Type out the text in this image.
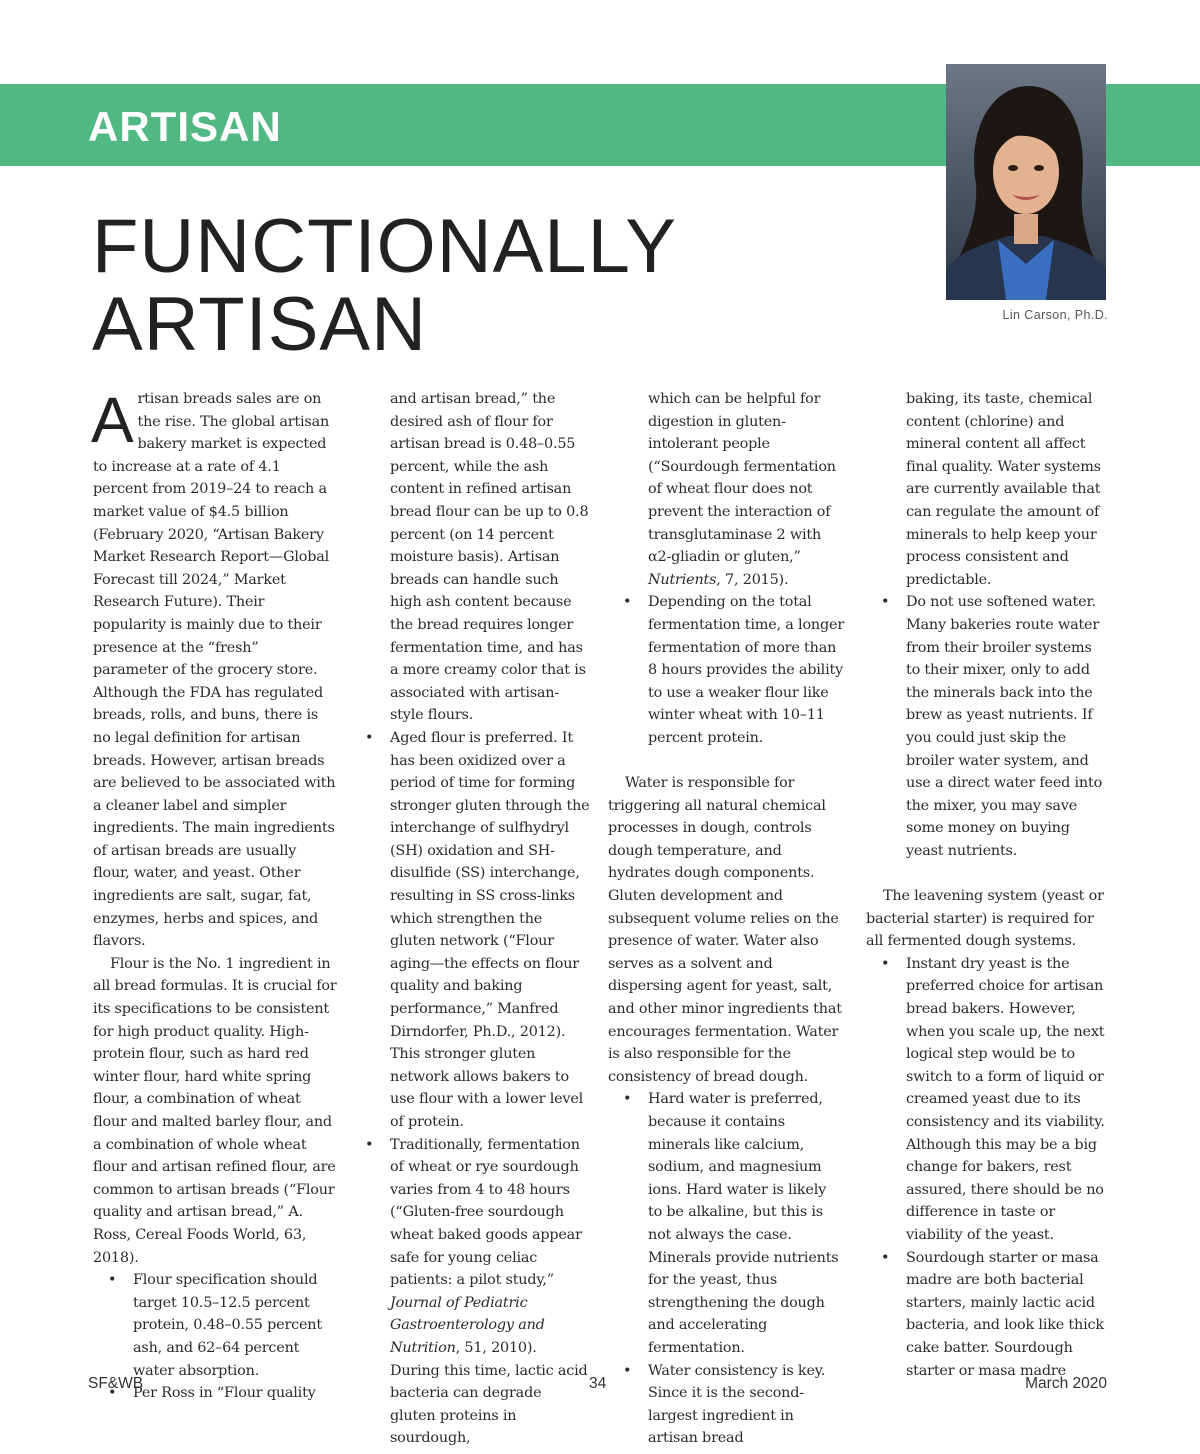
ARTISAN
Lin Carson, Ph.D.
FUNCTIONALLY
ARTISAN

Artisan breads sales are on the rise. The global artisan bakery market is expected to increase at a rate of 4.1 percent from 2019–24 to reach a market value of $4.5 billion (February 2020, “Artisan Bakery Market Research Report—Global Forecast till 2024,” Market Research Future). Their popularity is mainly due to their presence at the “fresh” parameter of the grocery store. Although the FDA has regulated breads, rolls, and buns, there is no legal definition for artisan breads. However, artisan breads are believed to be associated with a cleaner label and simpler ingredients. The main ingredients of artisan breads are usually flour, water, and yeast. Other ingredients are salt, sugar, fat, enzymes, herbs and spices, and flavors.

Flour is the No. 1 ingredient in all bread formulas. It is crucial for its specifications to be consistent for high product quality. High-protein flour, such as hard red winter flour, hard white spring flour, a combination of wheat flour and malted barley flour, and a combination of whole wheat flour and artisan refined flour, are common to artisan breads (“Flour quality and artisan bread,” A. Ross, Cereal Foods World, 63, 2018).

• Flour specification should target 10.5–12.5 percent protein, 0.48–0.55 percent ash, and 62–64 percent water absorption.
• Per Ross in “Flour quality
and artisan bread,” the desired ash of flour for artisan bread is 0.48–0.55 percent, while the ash content in refined artisan bread flour can be up to 0.8 percent (on 14 percent moisture basis). Artisan breads can handle such high ash content because the bread requires longer fermentation time, and has a more creamy color that is associated with artisan-style flours.
• Aged flour is preferred. It has been oxidized over a period of time for forming stronger gluten through the interchange of sulfhydryl (SH) oxidation and SH-disulfide (SS) interchange, resulting in SS cross-links which strengthen the gluten network (“Flour aging—the effects on flour quality and baking performance,” Manfred Dirndorfer, Ph.D., 2012). This stronger gluten network allows bakers to use flour with a lower level of protein.
• Traditionally, fermentation of wheat or rye sourdough varies from 4 to 48 hours (“Gluten-free sourdough wheat baked goods appear safe for young celiac patients: a pilot study,” Journal of Pediatric Gastroenterology and Nutrition, 51, 2010). During this time, lactic acid bacteria can degrade gluten proteins in sourdough,
which can be helpful for digestion in gluten-intolerant people (“Sourdough fermentation of wheat flour does not prevent the interaction of transglutaminase 2 with α2-gliadin or gluten,” Nutrients, 7, 2015).
• Depending on the total fermentation time, a longer fermentation of more than 8 hours provides the ability to use a weaker flour like winter wheat with 10–11 percent protein.

Water is responsible for triggering all natural chemical processes in dough, controls dough temperature, and hydrates dough components. Gluten development and subsequent volume relies on the presence of water. Water also serves as a solvent and dispersing agent for yeast, salt, and other minor ingredients that encourages fermentation. Water is also responsible for the consistency of bread dough.

• Hard water is preferred, because it contains minerals like calcium, sodium, and magnesium ions. Hard water is likely to be alkaline, but this is not always the case. Minerals provide nutrients for the yeast, thus strengthening the dough and accelerating fermentation.
• Water consistency is key. Since it is the second-largest ingredient in artisan bread
baking, its taste, chemical content (chlorine) and mineral content all affect final quality. Water systems are currently available that can regulate the amount of minerals to help keep your process consistent and predictable.
• Do not use softened water. Many bakeries route water from their broiler systems to their mixer, only to add the minerals back into the brew as yeast nutrients. If you could just skip the broiler water system, and use a direct water feed into the mixer, you may save some money on buying yeast nutrients.

The leavening system (yeast or bacterial starter) is required for all fermented dough systems.

• Instant dry yeast is the preferred choice for artisan bread bakers. However, when you scale up, the next logical step would be to switch to a form of liquid or creamed yeast due to its consistency and its viability. Although this may be a big change for bakers, rest assured, there should be no difference in taste or viability of the yeast.
• Sourdough starter or masa madre are both bacterial starters, mainly lactic acid bacteria, and look like thick cake batter. Sourdough starter or masa madre
SF&WB	34	March 2020
